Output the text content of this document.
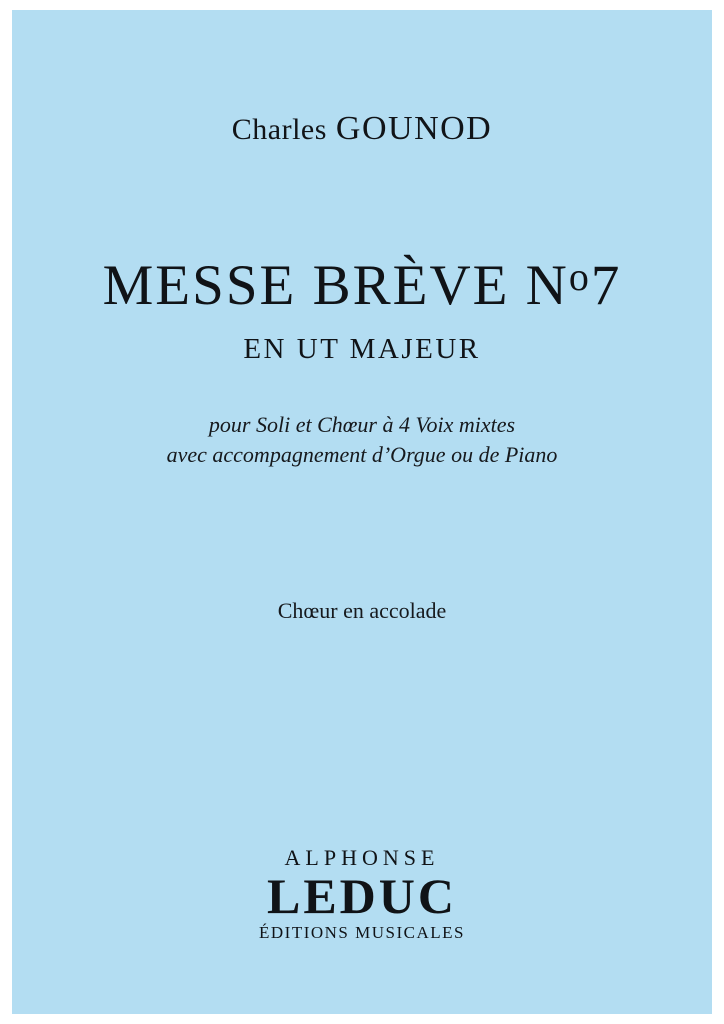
Charles GOUNOD
MESSE BRÈVE $N^o7$
EN UT MAJEUR
pour Soli et Chœur à 4 Voix mixtes
avec accompagnement d’Orgue ou de Piano
Chœur en accolade
ALPHONSE
LEDUC
ÉDITIONS MUSICALES
